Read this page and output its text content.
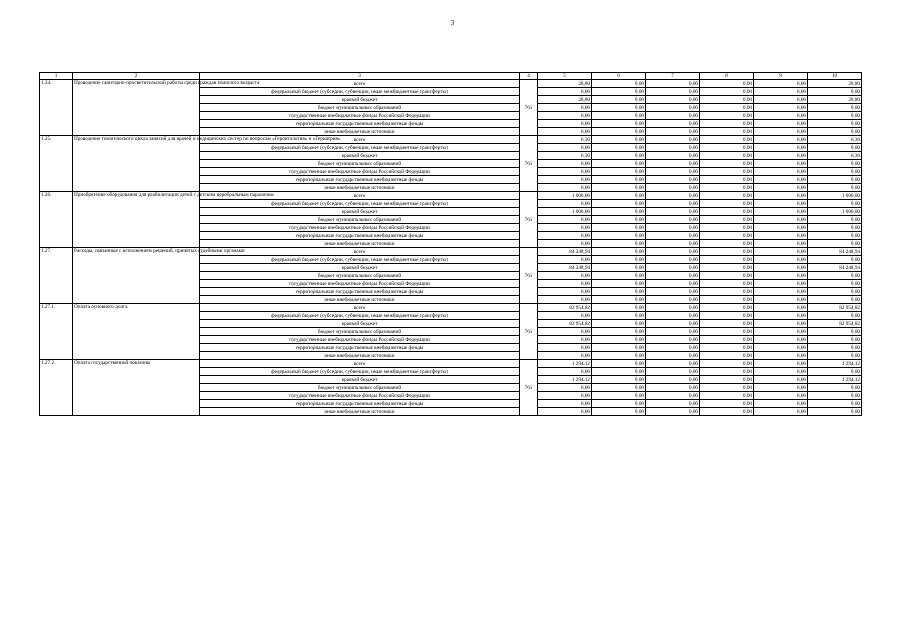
3
1	2	3	4	5	6	7	8	9	10
1.24.	Проведение санитарно-просветительской работы среди граждан пожилого возраста	всего	761	28,80	0,00	0,00	0,00	0,00	28,80
		федеральный бюджет (субсидии, субвенции, иные межбюджетные трансферты)		0,00	0,00	0,00	0,00	0,00	0,00
		краевой бюджет		28,80	0,00	0,00	0,00	0,00	28,80
		бюджет муниципальных образований		0,00	0,00	0,00	0,00	0,00	0,00
		государственные внебюджетные фонды Российской Федерации		0,00	0,00	0,00	0,00	0,00	0,00
		территориальные государственные внебюджетные фонды		0,00	0,00	0,00	0,00	0,00	0,00
		иные внебюджетные источники		0,00	0,00	0,00	0,00	0,00	0,00
1.25.	Проведение тематического цикла занятий для врачей и медицинских сестер по вопросам «Геронтология» и «Гериатрия»	всего	761	6,30	0,00	0,00	0,00	0,00	6,30
		федеральный бюджет (субсидии, субвенции, иные межбюджетные трансферты)		0,00	0,00	0,00	0,00	0,00	0,00
		краевой бюджет		6,30	0,00	0,00	0,00	0,00	6,30
		бюджет муниципальных образований		0,00	0,00	0,00	0,00	0,00	0,00
		государственные внебюджетные фонды Российской Федерации		0,00	0,00	0,00	0,00	0,00	0,00
		территориальные государственные внебюджетные фонды		0,00	0,00	0,00	0,00	0,00	0,00
		иные внебюджетные источники		0,00	0,00	0,00	0,00	0,00	0,00
1.26.	Приобретение оборудования для реабилитации детей с детским церебральным параличом	всего	761	1 000,00	0,00	0,00	0,00	0,00	1 000,00
		федеральный бюджет (субсидии, субвенции, иные межбюджетные трансферты)		0,00	0,00	0,00	0,00	0,00	0,00
		краевой бюджет		1 000,00	0,00	0,00	0,00	0,00	1 000,00
		бюджет муниципальных образований		0,00	0,00	0,00	0,00	0,00	0,00
		государственные внебюджетные фонды Российской Федерации		0,00	0,00	0,00	0,00	0,00	0,00
		территориальные государственные внебюджетные фонды		0,00	0,00	0,00	0,00	0,00	0,00
		иные внебюджетные источники		0,00	0,00	0,00	0,00	0,00	0,00
1.27.	Расходы, связанные с исполнением решений, принятых судебными органами	всего	761	84 248,94	0,00	0,00	0,00	0,00	84 248,94
		федеральный бюджет (субсидии, субвенции, иные межбюджетные трансферты)		0,00	0,00	0,00	0,00	0,00	0,00
		краевой бюджет		84 248,94	0,00	0,00	0,00	0,00	84 248,94
		бюджет муниципальных образований		0,00	0,00	0,00	0,00	0,00	0,00
		государственные внебюджетные фонды Российской Федерации		0,00	0,00	0,00	0,00	0,00	0,00
		территориальные государственные внебюджетные фонды		0,00	0,00	0,00	0,00	0,00	0,00
		иные внебюджетные источники		0,00	0,00	0,00	0,00	0,00	0,00
1.27.1.	Оплата основного долга	всего	761	82 954,82	0,00	0,00	0,00	0,00	82 954,82
		федеральный бюджет (субсидии, субвенции, иные межбюджетные трансферты)		0,00	0,00	0,00	0,00	0,00	0,00
		краевой бюджет		82 954,82	0,00	0,00	0,00	0,00	82 954,82
		бюджет муниципальных образований		0,00	0,00	0,00	0,00	0,00	0,00
		государственные внебюджетные фонды Российской Федерации		0,00	0,00	0,00	0,00	0,00	0,00
		территориальные государственные внебюджетные фонды		0,00	0,00	0,00	0,00	0,00	0,00
		иные внебюджетные источники		0,00	0,00	0,00	0,00	0,00	0,00
1.27.2.	Оплата государственной пошлины	всего	761	1 294,12	0,00	0,00	0,00	0,00	1 294,12
		федеральный бюджет (субсидии, субвенции, иные межбюджетные трансферты)		0,00	0,00	0,00	0,00	0,00	0,00
		краевой бюджет		1 294,12	0,00	0,00	0,00	0,00	1 294,12
		бюджет муниципальных образований		0,00	0,00	0,00	0,00	0,00	0,00
		государственные внебюджетные фонды Российской Федерации		0,00	0,00	0,00	0,00	0,00	0,00
		территориальные государственные внебюджетные фонды		0,00	0,00	0,00	0,00	0,00	0,00
		иные внебюджетные источники		0,00	0,00	0,00	0,00	0,00	0,00
